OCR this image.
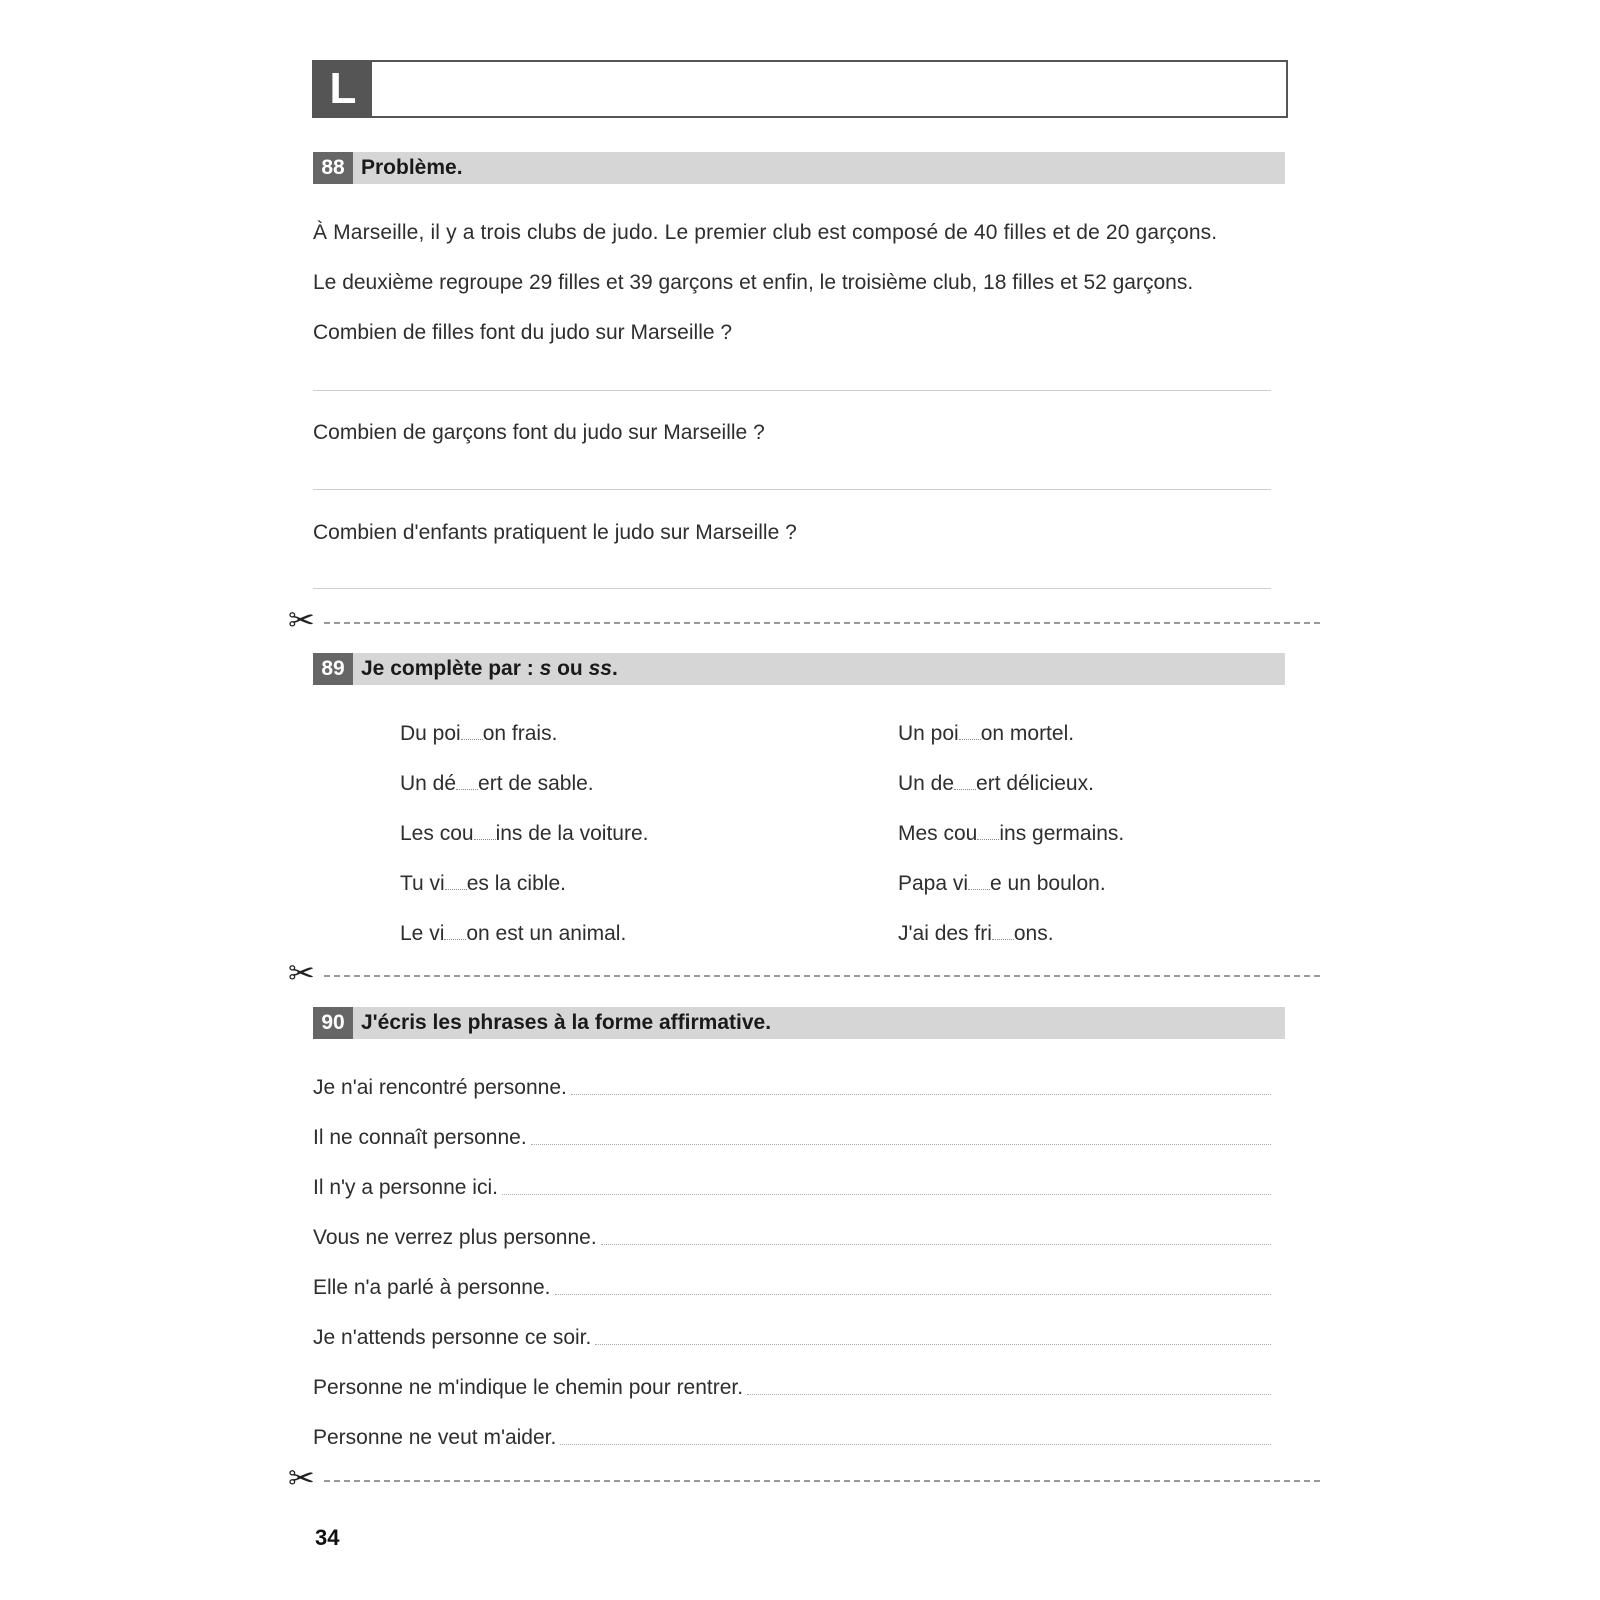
L
88 Problème.
À Marseille, il y a trois clubs de judo. Le premier club est composé de 40 filles et de 20 garçons.
Le deuxième regroupe 29 filles et 39 garçons et enfin, le troisième club, 18 filles et 52 garçons.
Combien de filles font du judo sur Marseille ?
Combien de garçons font du judo sur Marseille ?
Combien d'enfants pratiquent le judo sur Marseille ?
✂
89 Je complète par : s ou ss.
Du poi on frais.
Un dé ert de sable.
Les cou ins de la voiture.
Tu vi es la cible.
Le vi on est un animal.
Un poi on mortel.
Un de ert délicieux.
Mes cou ins germains.
Papa vi e un boulon.
J'ai des fri ons.
✂
90 J'écris les phrases à la forme affirmative.
Je n'ai rencontré personne.
Il ne connaît personne.
Il n'y a personne ici.
Vous ne verrez plus personne.
Elle n'a parlé à personne.
Je n'attends personne ce soir.
Personne ne m'indique le chemin pour rentrer.
Personne ne veut m'aider.
✂
34
